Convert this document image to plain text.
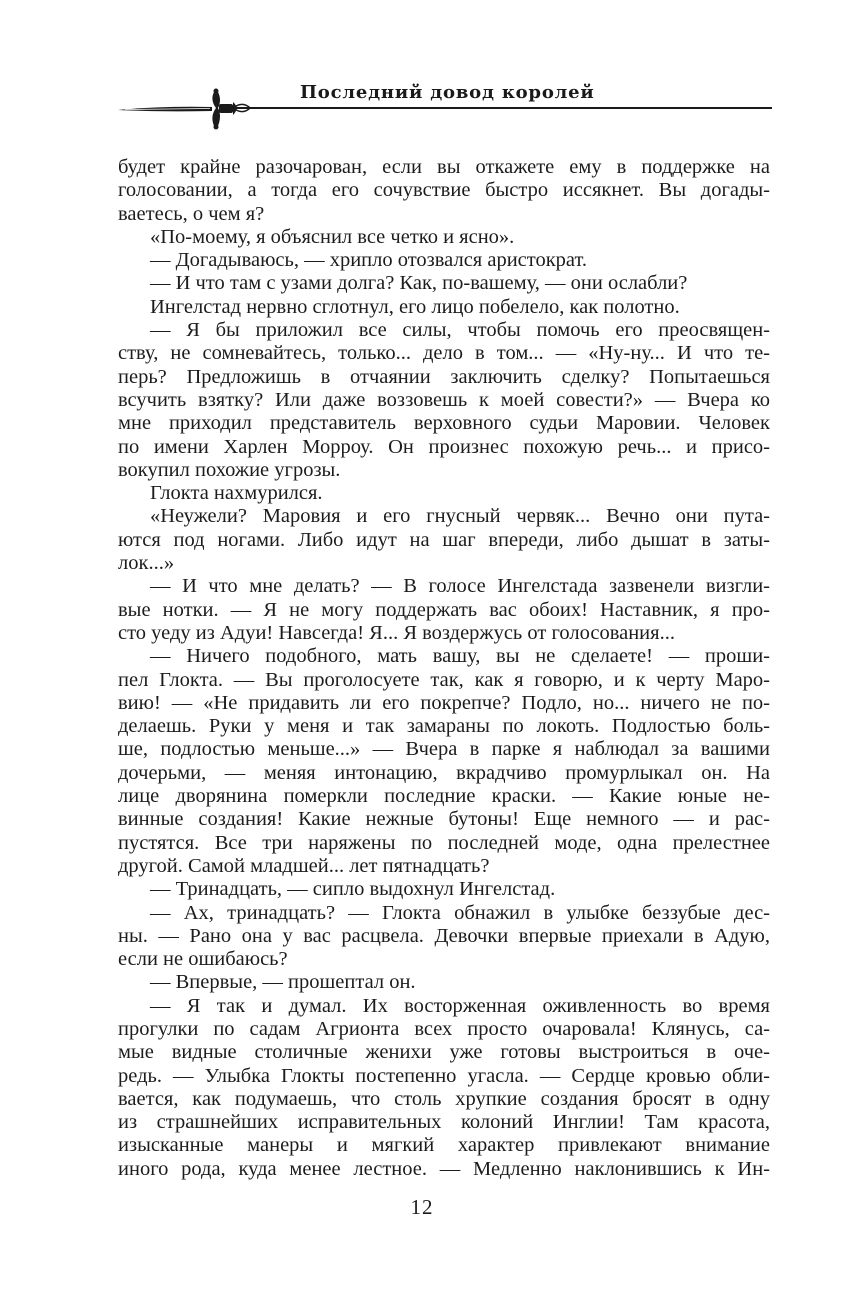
Последний довод королей
будет крайне разочарован, если вы откажете ему в поддержке на
голосовании, а тогда его сочувствие быстро иссякнет. Вы догады-
ваетесь, о чем я?
«По-моему, я объяснил все четко и ясно».
— Догадываюсь, — хрипло отозвался аристократ.
— И что там с узами долга? Как, по-вашему, — они ослабли?
Ингелстад нервно сглотнул, его лицо побелело, как полотно.
— Я бы приложил все силы, чтобы помочь его преосвящен-
ству, не сомневайтесь, только... дело в том... — «Ну-ну... И что те-
перь? Предложишь в отчаянии заключить сделку? Попытаешься
всучить взятку? Или даже воззовешь к моей совести?» — Вчера ко
мне приходил представитель верховного судьи Маровии. Человек
по имени Харлен Морроу. Он произнес похожую речь... и присо-
вокупил похожие угрозы.
Глокта нахмурился.
«Неужели? Маровия и его гнусный червяк... Вечно они пута-
ются под ногами. Либо идут на шаг впереди, либо дышат в заты-
лок...»
— И что мне делать? — В голосе Ингелстада зазвенели визгли-
вые нотки. — Я не могу поддержать вас обоих! Наставник, я про-
сто уеду из Адуи! Навсегда! Я... Я воздержусь от голосования...
— Ничего подобного, мать вашу, вы не сделаете! — проши-
пел Глокта. — Вы проголосуете так, как я говорю, и к черту Маро-
вию! — «Не придавить ли его покрепче? Подло, но... ничего не по-
делаешь. Руки у меня и так замараны по локоть. Подлостью боль-
ше, подлостью меньше...» — Вчера в парке я наблюдал за вашими
дочерьми, — меняя интонацию, вкрадчиво промурлыкал он. На
лице дворянина померкли последние краски. — Какие юные не-
винные создания! Какие нежные бутоны! Еще немного — и рас-
пустятся. Все три наряжены по последней моде, одна прелестнее
другой. Самой младшей... лет пятнадцать?
— Тринадцать, — сипло выдохнул Ингелстад.
— Ах, тринадцать? — Глокта обнажил в улыбке беззубые дес-
ны. — Рано она у вас расцвела. Девочки впервые приехали в Адую,
если не ошибаюсь?
— Впервые, — прошептал он.
— Я так и думал. Их восторженная оживленность во время
прогулки по садам Агрионта всех просто очаровала! Клянусь, са-
мые видные столичные женихи уже готовы выстроиться в оче-
редь. — Улыбка Глокты постепенно угасла. — Сердце кровью обли-
вается, как подумаешь, что столь хрупкие создания бросят в одну
из страшнейших исправительных колоний Инглии! Там красота,
изысканные манеры и мягкий характер привлекают внимание
иного рода, куда менее лестное. — Медленно наклонившись к Ин-
12
